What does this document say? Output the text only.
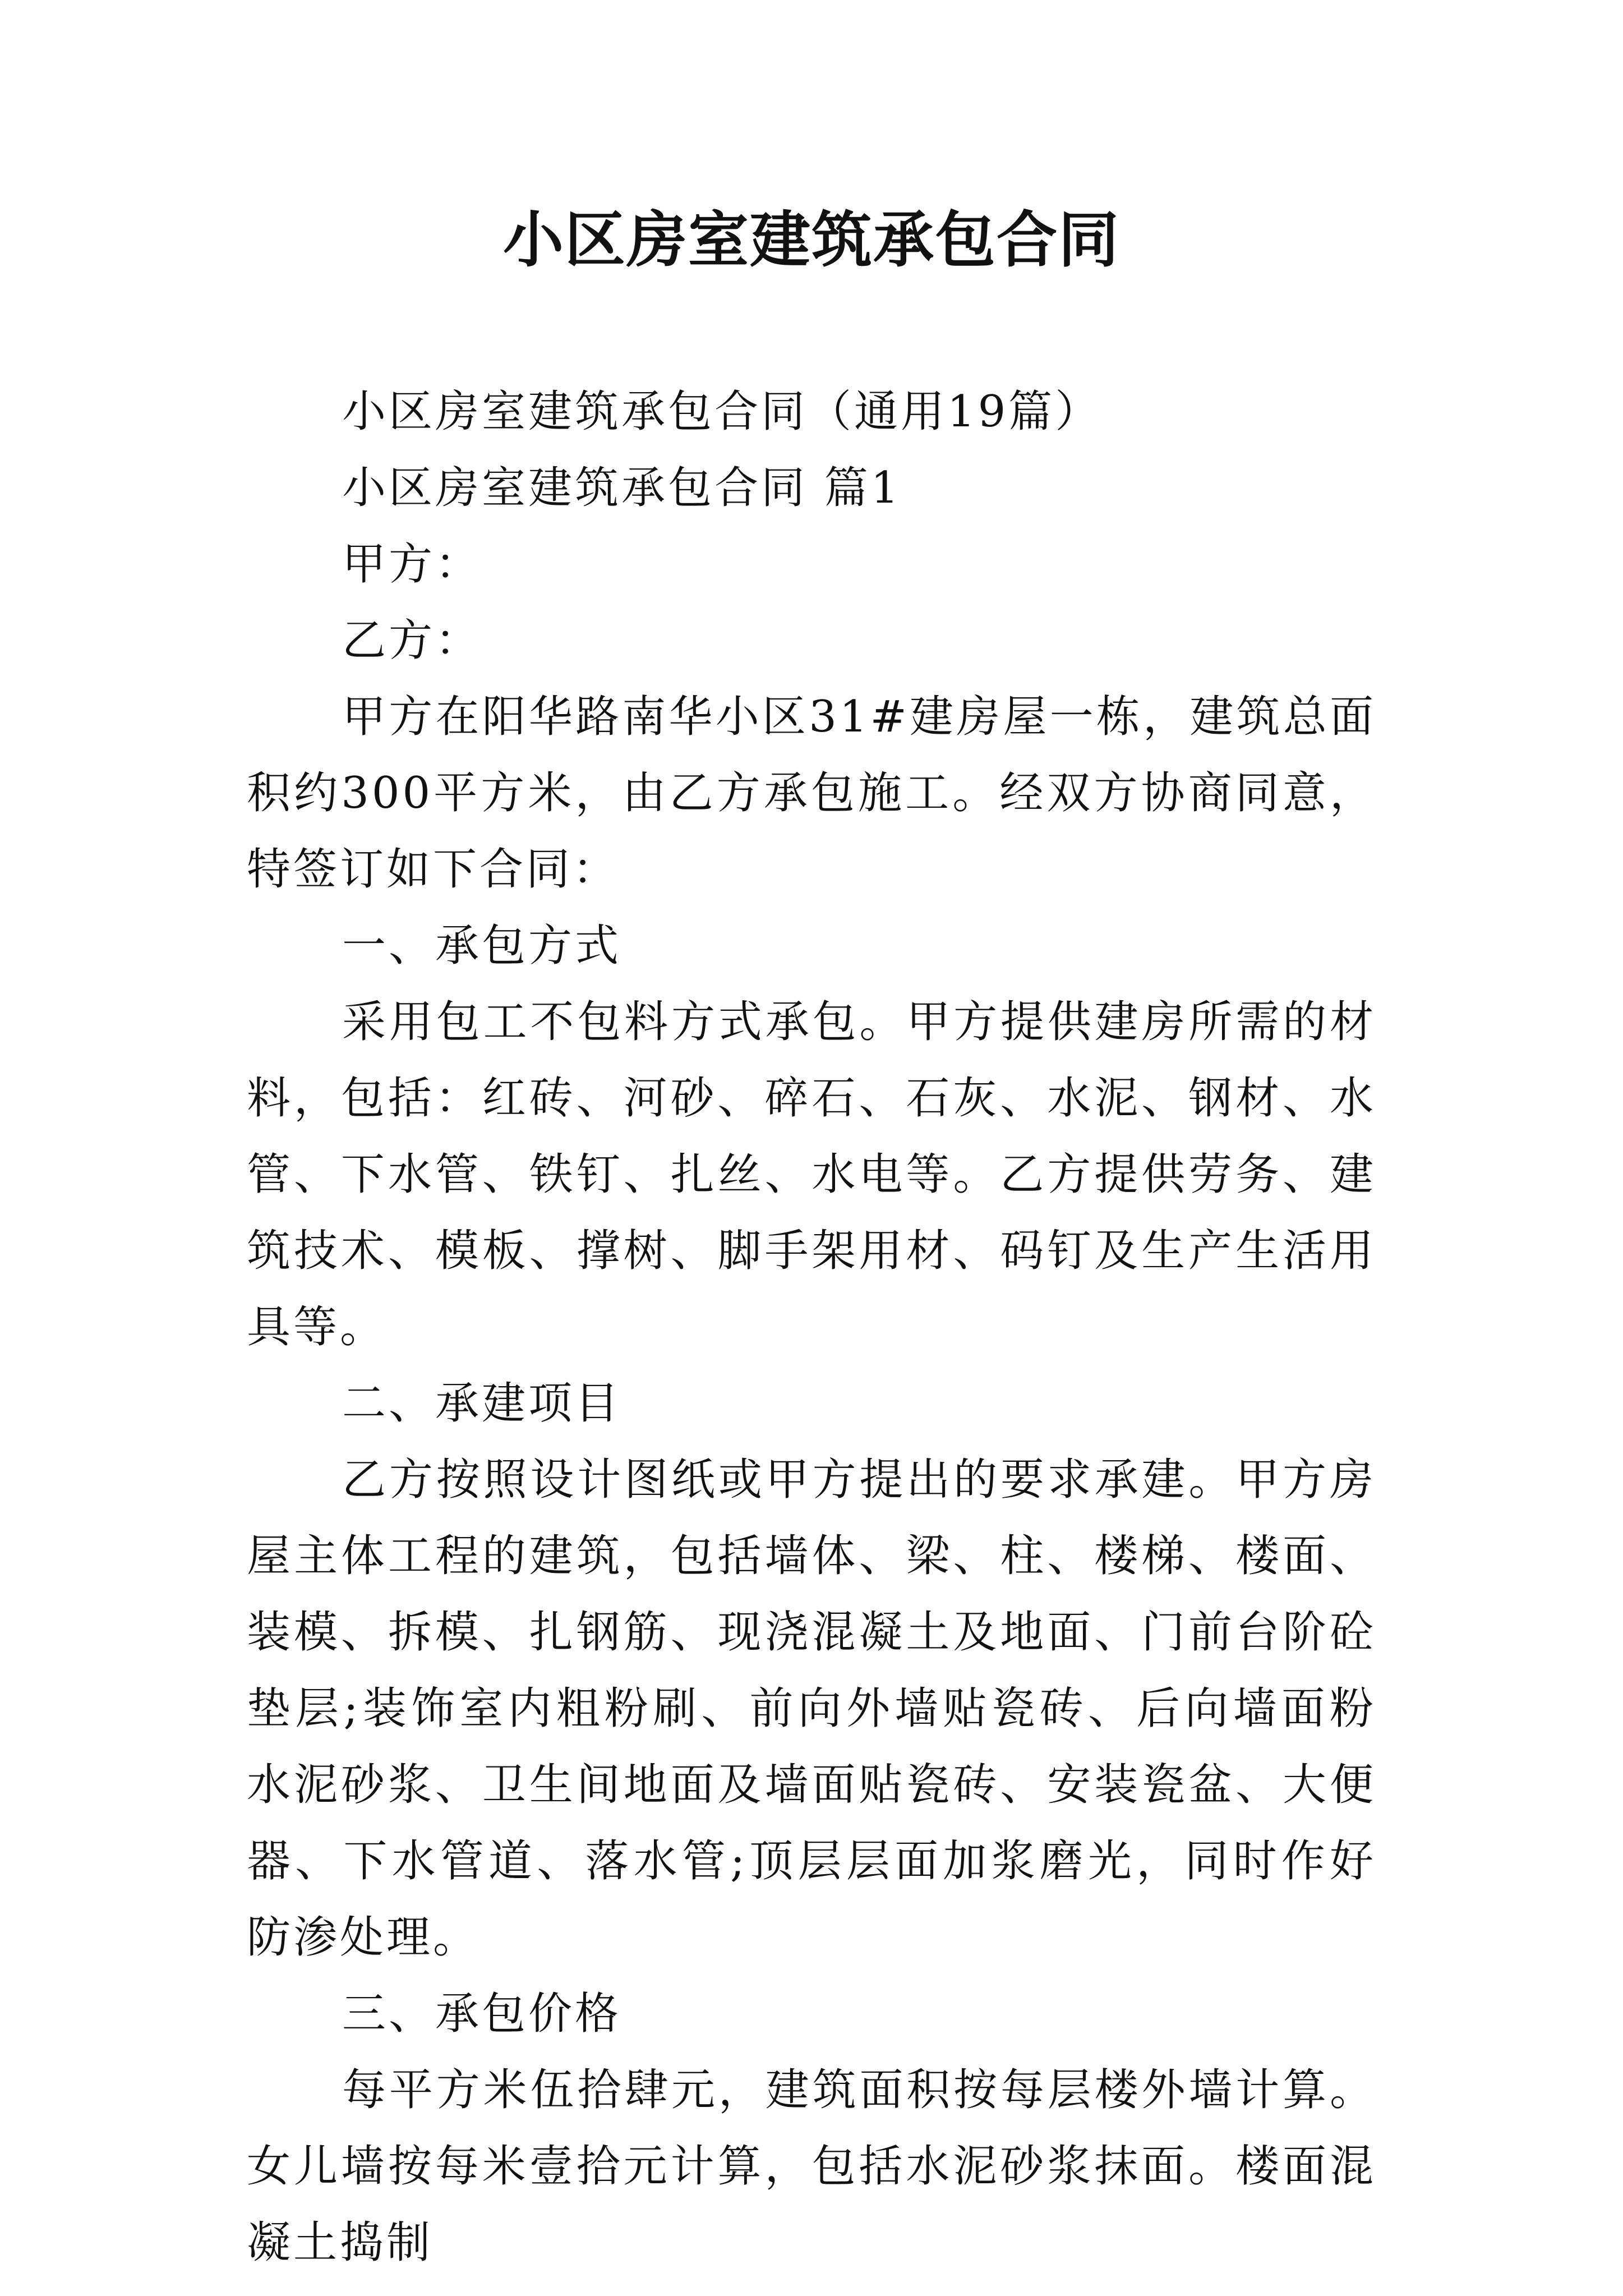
小区房室建筑承包合同

小区房室建筑承包合同（通用19篇）

小区房室建筑承包合同 篇1

甲方：

乙方：

甲方在阳华路南华小区31#建房屋一栋，建筑总面积约300平方米，由乙方承包施工。经双方协商同意，特签订如下合同：

一、承包方式

采用包工不包料方式承包。甲方提供建房所需的材料，包括：红砖、河砂、碎石、石灰、水泥、钢材、水管、下水管、铁钉、扎丝、水电等。乙方提供劳务、建筑技术、模板、撑树、脚手架用材、码钉及生产生活用具等。

二、承建项目

乙方按照设计图纸或甲方提出的要求承建。甲方房屋主体工程的建筑，包括墙体、梁、柱、楼梯、楼面、装模、拆模、扎钢筋、现浇混凝土及地面、门前台阶砼垫层;装饰室内粗粉刷、前向外墙贴瓷砖、后向墙面粉水泥砂浆、卫生间地面及墙面贴瓷砖、安装瓷盆、大便器、下水管道、落水管;顶层层面加浆磨光，同时作好防渗处理。

三、承包价格

每平方米伍拾肆元，建筑面积按每层楼外墙计算。女儿墙按每米壹拾元计算，包括水泥砂浆抹面。楼面混凝土捣制
